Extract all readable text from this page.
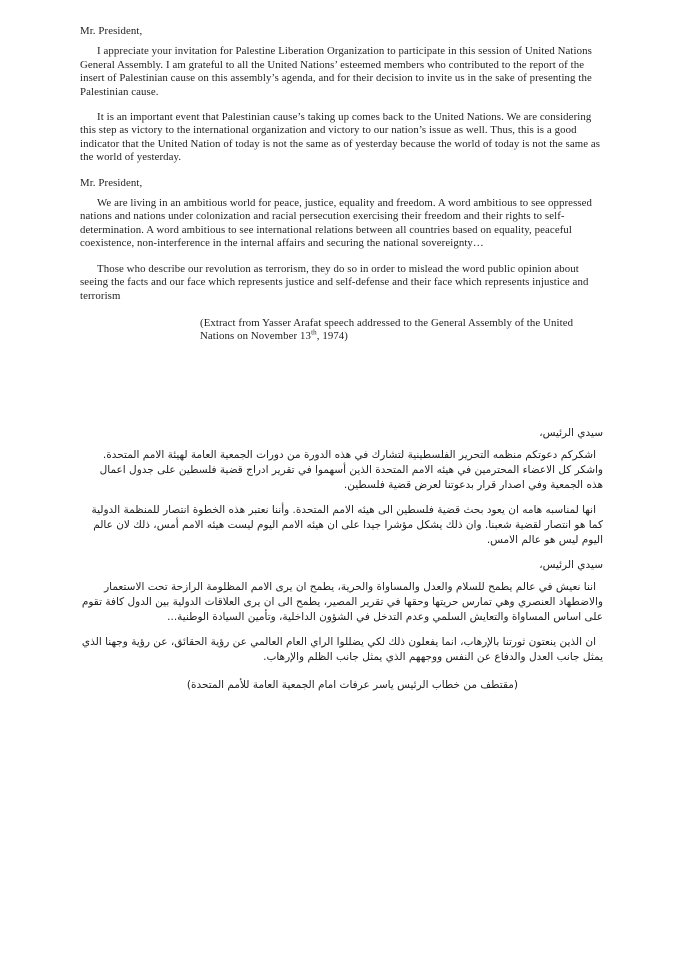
Mr. President,

I appreciate your invitation for Palestine Liberation Organization to participate in this session of United Nations General Assembly. I am grateful to all the United Nations’ esteemed members who contributed to the report of the insert of Palestinian cause on this assembly’s agenda, and for their decision to invite us in the sake of presenting the Palestinian cause.

It is an important event that Palestinian cause’s taking up comes back to the United Nations. We are considering this step as victory to the international organization and victory to our nation’s issue as well. Thus, this is a good indicator that the United Nation of today is not the same as of yesterday because the world of today is not the same as the world of yesterday.

Mr. President,

We are living in an ambitious world for peace, justice, equality and freedom. A word ambitious to see oppressed nations and nations under colonization and racial persecution exercising their freedom and their rights to self-determination. A word ambitious to see international relations between all countries based on equality, peaceful coexistence, non-interference in the internal affairs and securing the national sovereignty…

Those who describe our revolution as terrorism, they do so in order to mislead the word public opinion about seeing the facts and our face which represents justice and self-defense and their face which represents injustice and terrorism

(Extract from Yasser Arafat speech addressed to the General Assembly of the United Nations on November 13th, 1974)

سيدي الرئيس،

اشكركم دعوتكم منظمه التحرير الفلسطينية لتشارك في هذه الدورة من دورات الجمعية العامة لهيئة الامم المتحدة. واشكر كل الاعضاء المحترمين في هيئه الامم المتحدة الذين أسهموا في تقرير ادراج قضية فلسطين على جدول اعمال هذه الجمعية وفي اصدار قرار بدعوتنا لعرض قضية فلسطين.

انها لمناسبه هامه ان يعود بحث قضية فلسطين الى هيئه الامم المتحدة. وأننا نعتبر هذه الخطوة انتصار للمنظمة الدولية كما هو انتصار لقضية شعبنا. وان ذلك يشكل مؤشرا جيدا على ان هيئه الامم اليوم ليست هيئه الامم أمس، ذلك لان عالم اليوم ليس هو عالم الامس.

سيدي الرئيس،

اننا نعيش في عالم يطمح للسلام والعدل والمساواة والحرية، يطمح ان يرى الامم المظلومة الرازحة تحت الاستعمار والاضطهاد العنصري وهي تمارس حريتها وحقها في تقرير المصير، يطمح الى ان يرى العلاقات الدولية بين الدول كافة تقوم على اساس المساواة والتعايش السلمي وعدم التدخل في الشؤون الداخلية، وتأمين السيادة الوطنية...

ان الذين ينعتون ثورتنا بالإرهاب، انما يفعلون ذلك لكي يضللوا الراي العام العالمي عن رؤية الحقائق، عن رؤية وجهنا الذي يمثل جانب العدل والدفاع عن النفس ووجههم الذي يمثل جانب الظلم والإرهاب.

(مقتطف من خطاب الرئيس ياسر عرفات امام الجمعية العامة للأمم المتحدة)
